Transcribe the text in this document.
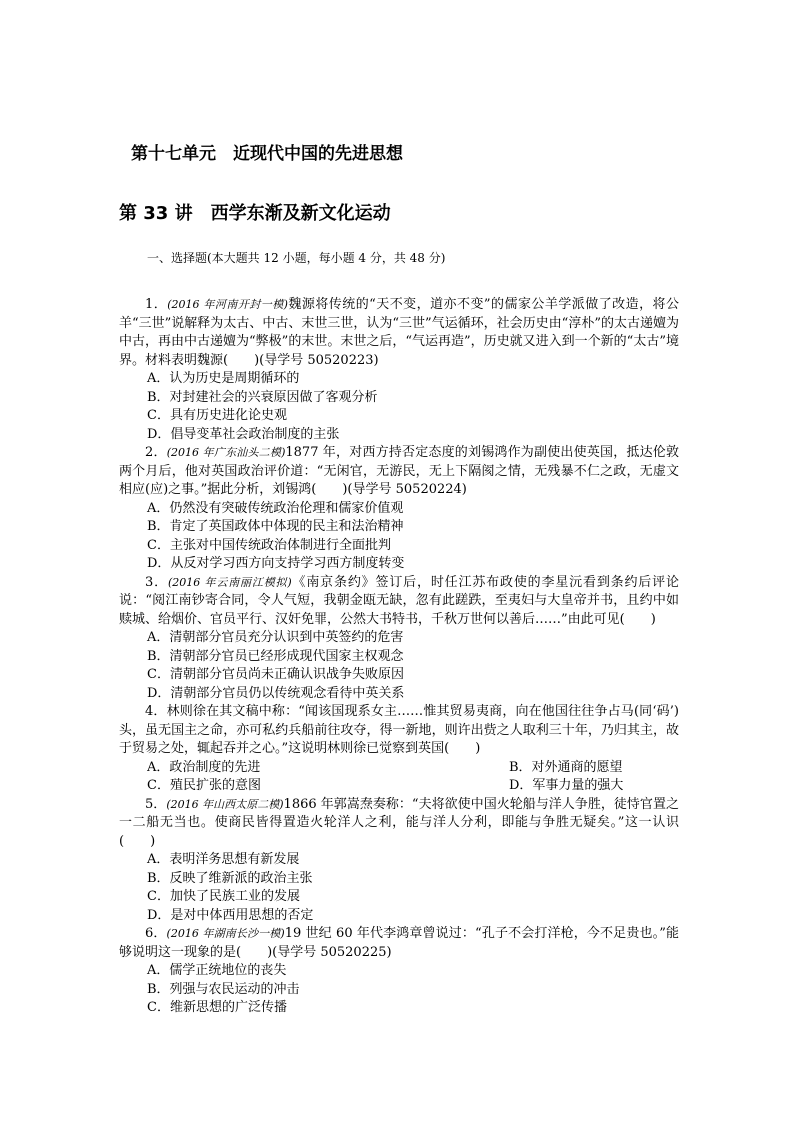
第十七单元　近现代中国的先进思想
第 33 讲　西学东渐及新文化运动
一、选择题(本大题共 12 小题，每小题 4 分，共 48 分)

1．(2016 年河南开封一模)魏源将传统的“天不变，道亦不变”的儒家公羊学派做了改造，将公羊“三世”说解释为太古、中古、末世三世，认为“三世”气运循环，社会历史由“淳朴”的太古递嬗为中古，再由中古递嬗为“弊极”的末世。末世之后，“气运再造”，历史就又进入到一个新的“太古”境界。材料表明魏源(　　)(导学号 50520223)

A．认为历史是周期循环的
B．对封建社会的兴衰原因做了客观分析
C．具有历史进化论史观
D．倡导变革社会政治制度的主张

2．(2016 年广东汕头二模)1877 年，对西方持否定态度的刘锡鸿作为副使出使英国，抵达伦敦两个月后，他对英国政治评价道：“无闲官，无游民，无上下隔阂之情，无残暴不仁之政，无虚文相应(应)之事。”据此分析，刘锡鸿(　　)(导学号 50520224)

A．仍然没有突破传统政治伦理和儒家价值观
B．肯定了英国政体中体现的民主和法治精神
C．主张对中国传统政治体制进行全面批判
D．从反对学习西方向支持学习西方制度转变

3．(2016 年云南丽江模拟)《南京条约》签订后，时任江苏布政使的李星沅看到条约后评论说：“阅江南钞寄合同，令人气短，我朝金瓯无缺，忽有此蹉跌，至夷妇与大皇帝并书，且约中如赎城、给烟价、官员平行、汉奸免罪，公然大书特书，千秋万世何以善后……”由此可见(　　)

A．清朝部分官员充分认识到中英签约的危害
B．清朝部分官员已经形成现代国家主权观念
C．清朝部分官员尚未正确认识战争失败原因
D．清朝部分官员仍以传统观念看待中英关系

4．林则徐在其文稿中称：“闻该国现系女主……惟其贸易夷商，向在他国往往争占马(同‘码’)头，虽无国主之命，亦可私约兵船前往攻夺，得一新地，则许出赀之人取利三十年，乃归其主，故于贸易之处，辄起吞并之心。”这说明林则徐已觉察到英国(　　)

A．政治制度的先进	B．对外通商的愿望
C．殖民扩张的意图	D．军事力量的强大

5．(2016 年山西太原二模)1866 年郭嵩焘奏称：“夫将欲使中国火轮船与洋人争胜，徒恃官置之一二船无当也。使商民皆得置造火轮洋人之利，能与洋人分利，即能与争胜无疑矣。”这一认识(　　)

A．表明洋务思想有新发展
B．反映了维新派的政治主张
C．加快了民族工业的发展
D．是对中体西用思想的否定

6．(2016 年湖南长沙一模)19 世纪 60 年代李鸿章曾说过：“孔子不会打洋枪，今不足贵也。”能够说明这一现象的是(　　)(导学号 50520225)

A．儒学正统地位的丧失
B．列强与农民运动的冲击
C．维新思想的广泛传播
